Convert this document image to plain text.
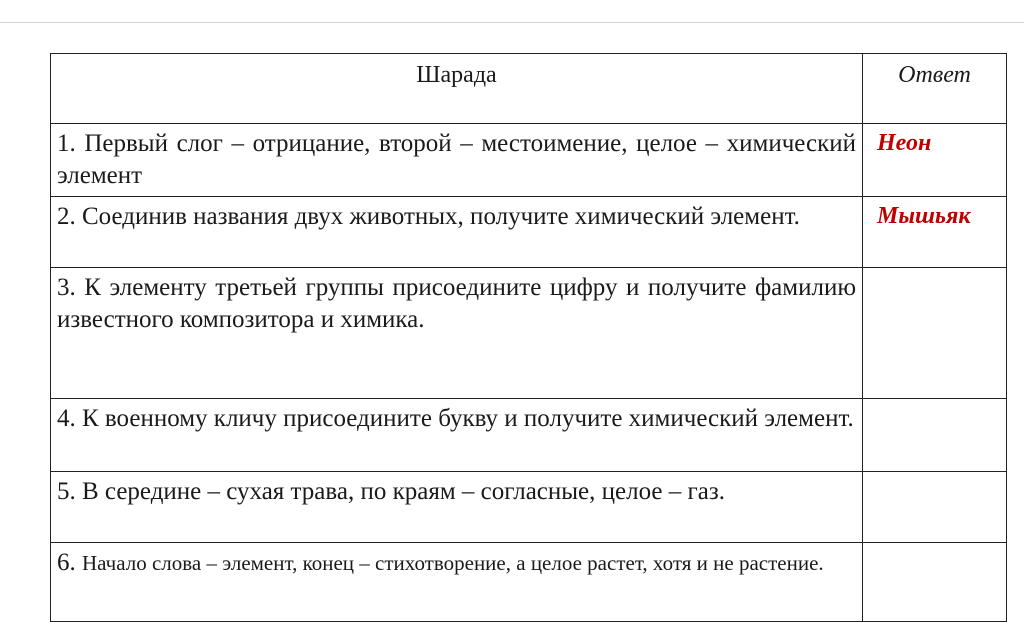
Шарада	Ответ
1. Первый слог – отрицание, второй – местоимение, целое – химический элемент	Неон
2. Соединив названия двух животных, получите химический элемент.	Мышьяк
3. К элементу третьей группы присоедините цифру и получите фамилию известного композитора и химика.	
4. К военному кличу присоедините букву и получите химический элемент.	
5. В середине – сухая трава, по краям – согласные, целое – газ.	
6. Начало слова – элемент, конец – стихотворение, а целое растет, хотя и не растение.	
